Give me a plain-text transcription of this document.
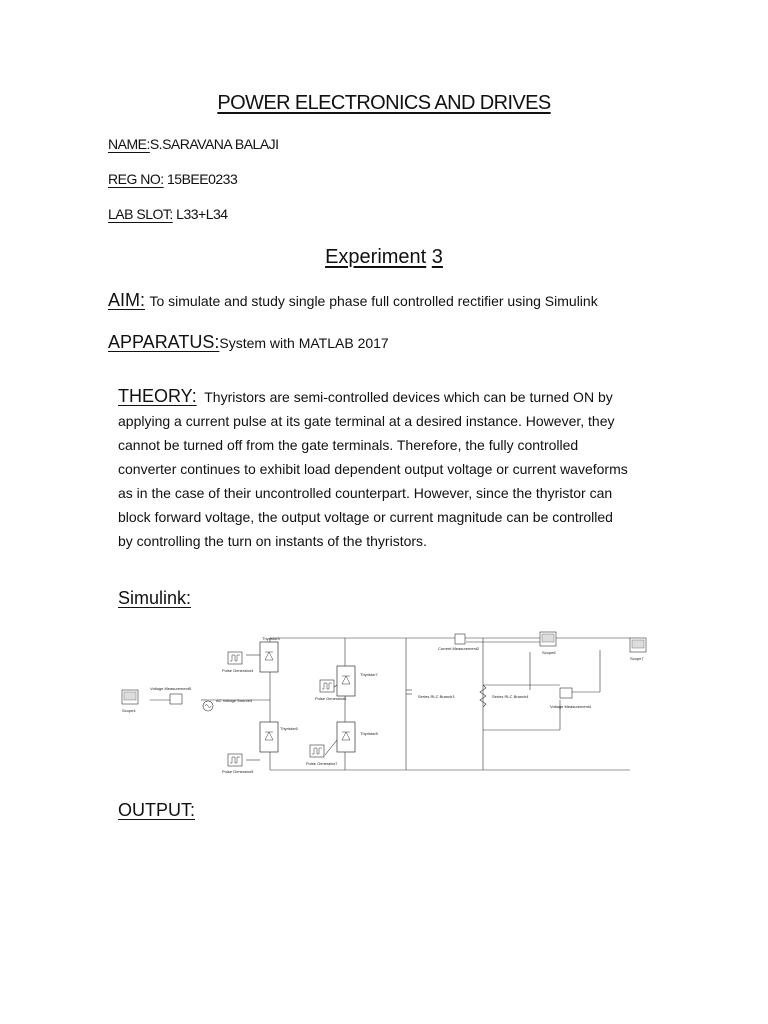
POWER ELECTRONICS AND DRIVES
NAME:S.SARAVANA BALAJI
REG NO: 15BEE0233
LAB SLOT: L33+L34
Experiment 3
AIM: To simulate and study single phase full controlled rectifier using Simulink
APPARATUS:System with MATLAB 2017
THEORY: Thyristors are semi-controlled devices which can be turned ON by
applying a current pulse at its gate terminal at a desired instance. However, they
cannot be turned off from the gate terminals. Therefore, the fully controlled
converter continues to exhibit load dependent output voltage or current waveforms
as in the case of their uncontrolled counterpart. However, since the thyristor can
block forward voltage, the output voltage or current magnitude can be controlled
by controlling the turn on instants of the thyristors.
Simulink:
Thyristor5
Thyristor6
Thyristor7
Thyristor8
Pulse Generator4
Pulse Generator5
Pulse Generator6
Pulse Generator7
Voltage Measurement5
Voltage Measurement4
Current Measurement2
AC Voltage Source3
Series RLC Branch3	Series RLC Branch4
Scope4
Scope6
Scope7
OUTPUT:
